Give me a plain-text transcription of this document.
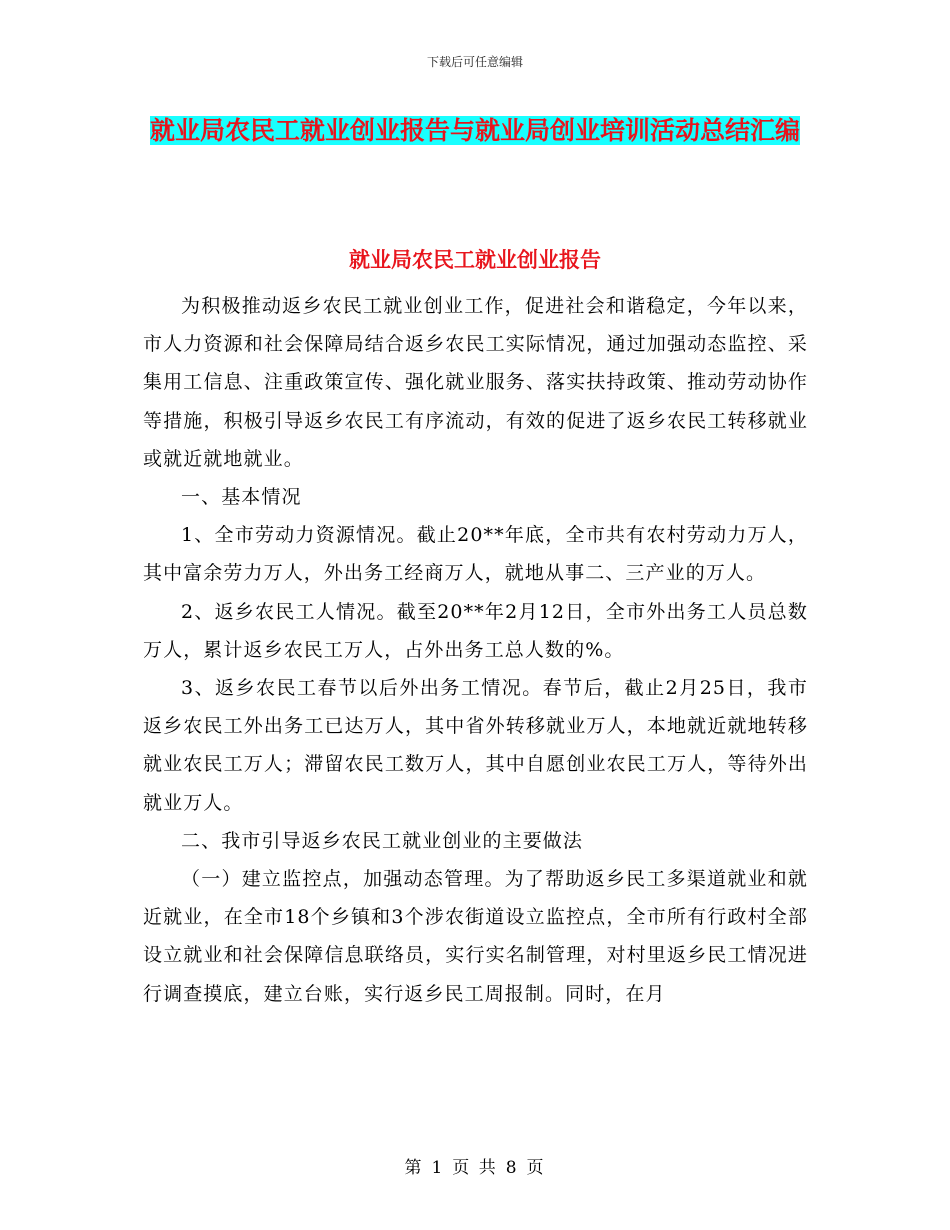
下载后可任意编辑
就业局农民工就业创业报告与就业局创业培训活动总结汇编
就业局农民工就业创业报告

为积极推动返乡农民工就业创业工作，促进社会和谐稳定，今年以来，市人力资源和社会保障局结合返乡农民工实际情况，通过加强动态监控、采集用工信息、注重政策宣传、强化就业服务、落实扶持政策、推动劳动协作等措施，积极引导返乡农民工有序流动，有效的促进了返乡农民工转移就业或就近就地就业。

一、基本情况

1、全市劳动力资源情况。截止20**年底，全市共有农村劳动力万人，其中富余劳力万人，外出务工经商万人，就地从事二、三产业的万人。

2、返乡农民工人情况。截至20**年2月12日，全市外出务工人员总数万人，累计返乡农民工万人，占外出务工总人数的%。

3、返乡农民工春节以后外出务工情况。春节后，截止2月25日，我市返乡农民工外出务工已达万人，其中省外转移就业万人，本地就近就地转移就业农民工万人；滞留农民工数万人，其中自愿创业农民工万人，等待外出就业万人。

二、我市引导返乡农民工就业创业的主要做法

（一）建立监控点，加强动态管理。为了帮助返乡民工多渠道就业和就近就业，在全市18个乡镇和3个涉农街道设立监控点，全市所有行政村全部设立就业和社会保障信息联络员，实行实名制管理，对村里返乡民工情况进行调查摸底，建立台账，实行返乡民工周报制。同时，在月

第 1 页 共 8 页
